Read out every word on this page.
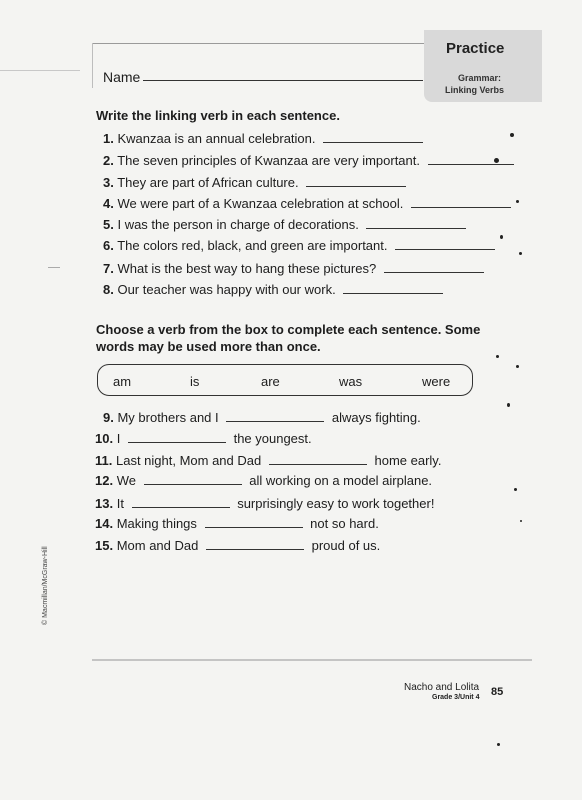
Practice
Grammar:
Linking Verbs
Name
Write the linking verb in each sentence.
1. Kwanzaa is an annual celebration.
2. The seven principles of Kwanzaa are very important.
3. They are part of African culture.
4. We were part of a Kwanzaa celebration at school.
5. I was the person in charge of decorations.
6. The colors red, black, and green are important.
7. What is the best way to hang these pictures?
8. Our teacher was happy with our work.
Choose a verb from the box to complete each sentence. Some
words may be used more than once.
am	is	are	was	were
9. My brothers and I	always fighting.
10. I	the youngest.
11. Last night, Mom and Dad	home early.
12. We	all working on a model airplane.
13. It	surprisingly easy to work together!
14. Making things	not so hard.
15. Mom and Dad	proud of us.
© Macmillan/McGraw-Hill
Nacho and Lolita
Grade 3/Unit 4 85
